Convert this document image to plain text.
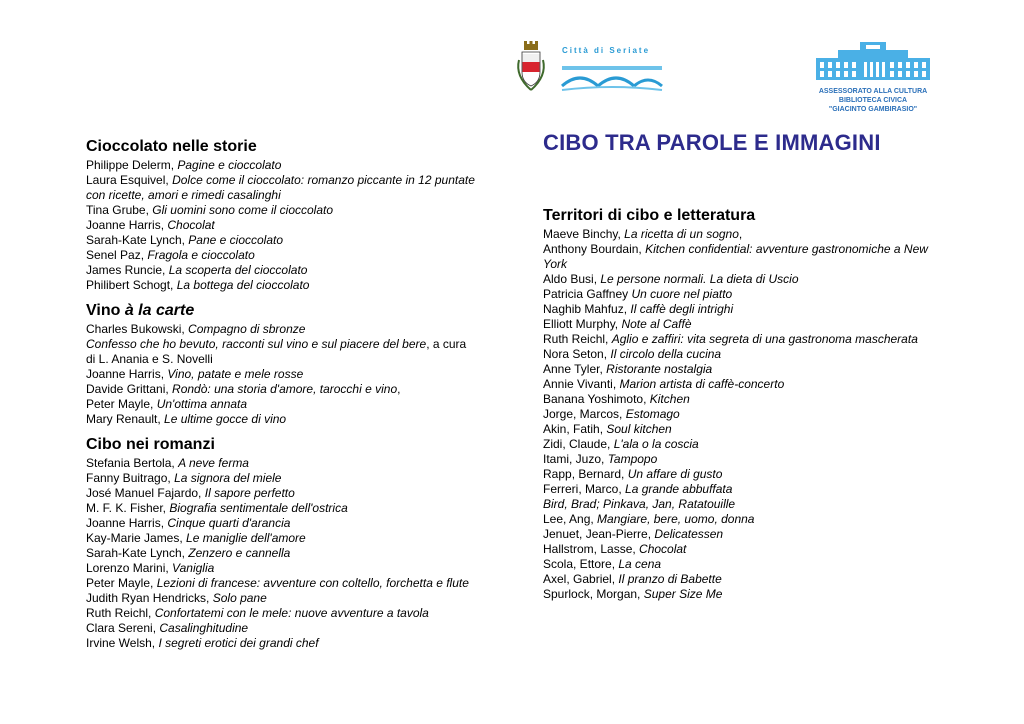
Città di Seriate
ASSESSORATO ALLA CULTURA
BIBLIOTECA CIVICA
"GIACINTO GAMBIRASIO"
CIBO TRA PAROLE E IMMAGINI
Cioccolato nelle storie
Philippe Delerm, Pagine e cioccolato
Laura Esquivel, Dolce come il cioccolato: romanzo piccante in 12 puntate con ricette, amori e rimedi casalinghi
Tina Grube, Gli uomini sono come il cioccolato
Joanne Harris, Chocolat
Sarah-Kate Lynch, Pane e cioccolato
Senel Paz, Fragola e cioccolato
James Runcie, La scoperta del cioccolato
Philibert Schogt, La bottega del cioccolato
Vino à la carte
Charles Bukowski, Compagno di sbronze
Confesso che ho bevuto, racconti sul vino e sul piacere del bere, a cura di L. Anania e S. Novelli
Joanne Harris, Vino, patate e mele rosse
Davide Grittani, Rondò: una storia d'amore, tarocchi e vino,
Peter Mayle, Un'ottima annata
Mary Renault, Le ultime gocce di vino
Cibo nei romanzi
Stefania Bertola, A neve ferma
Fanny Buitrago, La signora del miele
José Manuel Fajardo, Il sapore perfetto
M. F. K. Fisher, Biografia sentimentale dell'ostrica
Joanne Harris, Cinque quarti d'arancia
Kay-Marie James, Le maniglie dell'amore
Sarah-Kate Lynch, Zenzero e cannella
Lorenzo Marini, Vaniglia
Peter Mayle, Lezioni di francese: avventure con coltello, forchetta e flute
Judith Ryan Hendricks, Solo pane
Ruth Reichl, Confortatemi con le mele: nuove avventure a tavola
Clara Sereni, Casalinghitudine
Irvine Welsh, I segreti erotici dei grandi chef
Territori di cibo e letteratura
Maeve Binchy, La ricetta di un sogno,
Anthony Bourdain, Kitchen confidential: avventure gastronomiche a New York
Aldo Busi, Le persone normali. La dieta di Uscio
Patricia Gaffney Un cuore nel piatto
Naghib Mahfuz, Il caffè degli intrighi
Elliott Murphy, Note al Caffè
Ruth Reichl, Aglio e zaffiri: vita segreta di una gastronoma mascherata
Nora Seton, Il circolo della cucina
Anne Tyler, Ristorante nostalgia
Annie Vivanti, Marion artista di caffè-concerto
Banana Yoshimoto, Kitchen
Jorge, Marcos, Estomago
Akin, Fatih, Soul kitchen
Zidi, Claude, L'ala o la coscia
Itami, Juzo, Tampopo
Rapp, Bernard, Un affare di gusto
Ferreri, Marco, La grande abbuffata
Bird, Brad; Pinkava, Jan, Ratatouille
Lee, Ang, Mangiare, bere, uomo, donna
Jenuet, Jean-Pierre, Delicatessen
Hallstrom, Lasse, Chocolat
Scola, Ettore, La cena
Axel, Gabriel, Il pranzo di Babette
Spurlock, Morgan, Super Size Me
